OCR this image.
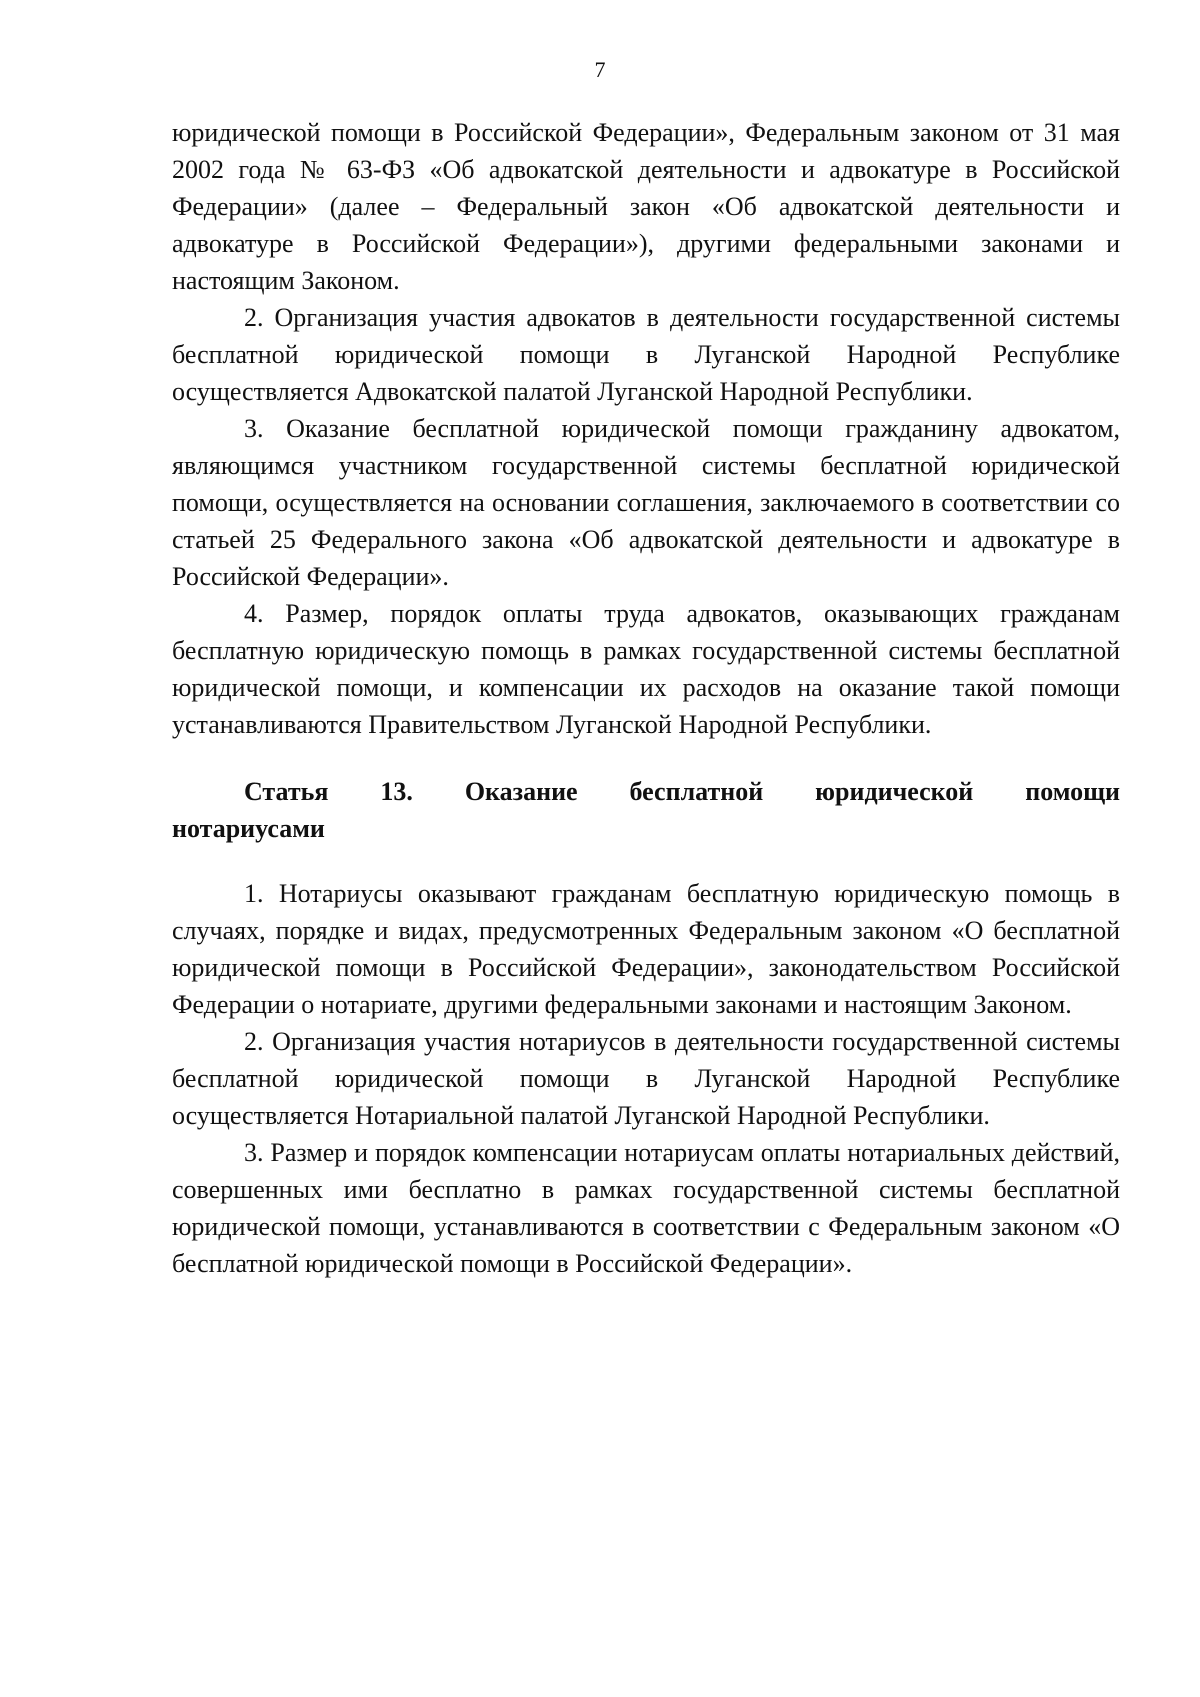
7

юридической помощи в Российской Федерации», Федеральным законом от 31 мая 2002 года № 63-ФЗ «Об адвокатской деятельности и адвокатуре в Российской Федерации» (далее – Федеральный закон «Об адвокатской деятельности и адвокатуре в Российской Федерации»), другими федеральными законами и настоящим Законом.

2. Организация участия адвокатов в деятельности государственной системы бесплатной юридической помощи в Луганской Народной Республике осуществляется Адвокатской палатой Луганской Народной Республики.

3. Оказание бесплатной юридической помощи гражданину адвокатом, являющимся участником государственной системы бесплатной юридической помощи, осуществляется на основании соглашения, заключаемого в соответствии со статьей 25 Федерального закона «Об адвокатской деятельности и адвокатуре в Российской Федерации».

4. Размер, порядок оплаты труда адвокатов, оказывающих гражданам бесплатную юридическую помощь в рамках государственной системы бесплатной юридической помощи, и компенсации их расходов на оказание такой помощи устанавливаются Правительством Луганской Народной Республики.

Статья 13. Оказание бесплатной юридической помощи
нотариусами

1. Нотариусы оказывают гражданам бесплатную юридическую помощь в случаях, порядке и видах, предусмотренных Федеральным законом «О бесплатной юридической помощи в Российской Федерации», законодательством Российской Федерации о нотариате, другими федеральными законами и настоящим Законом.

2. Организация участия нотариусов в деятельности государственной системы бесплатной юридической помощи в Луганской Народной Республике осуществляется Нотариальной палатой Луганской Народной Республики.

3. Размер и порядок компенсации нотариусам оплаты нотариальных действий, совершенных ими бесплатно в рамках государственной системы бесплатной юридической помощи, устанавливаются в соответствии с Федеральным законом «О бесплатной юридической помощи в Российской Федерации».
